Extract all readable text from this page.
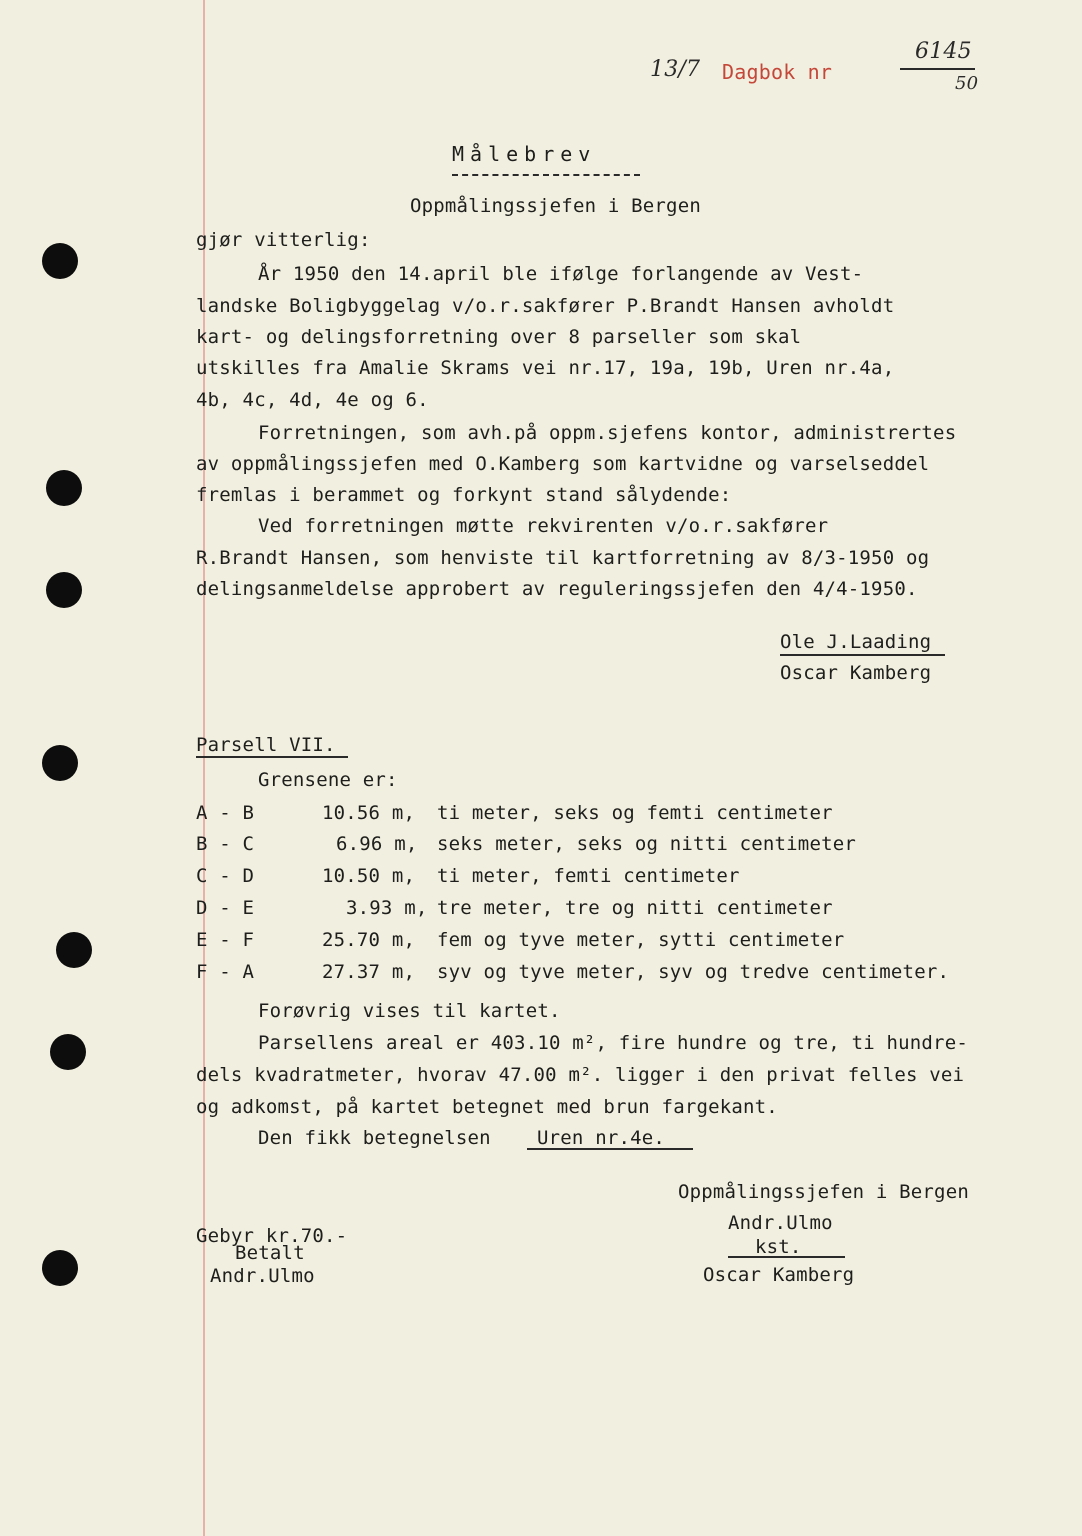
13/7 Dagbok nr
6145
50
Målebrev
Oppmålingssjefen i Bergen
gjør vitterlig:
År 1950 den 14.april ble ifølge forlangende av Vest-
landske Boligbyggelag v/o.r.sakfører P.Brandt Hansen avholdt
kart- og delingsforretning over 8 parseller som skal
utskilles fra Amalie Skrams vei nr.17, 19a, 19b, Uren nr.4a,
4b, 4c, 4d, 4e og 6.
Forretningen, som avh.på oppm.sjefens kontor, administrertes
av oppmålingssjefen med O.Kamberg som kartvidne og varselseddel
fremlas i berammet og forkynt stand sålydende:
Ved forretningen møtte rekvirenten v/o.r.sakfører
R.Brandt Hansen, som henviste til kartforretning av 8/3-1950 og
delingsanmeldelse approbert av reguleringssjefen den 4/4-1950.
Ole J.Laading
Oscar Kamberg
Parsell VII.
Grensene er:
A - B	10.56 m, ti meter, seks og femti centimeter
B - C	6.96 m, seks meter, seks og nitti centimeter
C - D	10.50 m, ti meter, femti centimeter
D - E	3.93 m, tre meter, tre og nitti centimeter
E - F	25.70 m, fem og tyve meter, sytti centimeter
F - A	27.37 m, syv og tyve meter, syv og tredve centimeter.
Forøvrig vises til kartet.
Parsellens areal er 403.10 m², fire hundre og tre, ti hundre-
dels kvadratmeter, hvorav 47.00 m². ligger i den privat felles vei
og adkomst, på kartet betegnet med brun fargekant.
Den fikk betegnelsen Uren nr.4e.
Oppmålingssjefen i Bergen
Andr.Ulmo
kst.
Oscar Kamberg
Gebyr kr.70.-
Betalt
Andr.Ulmo
